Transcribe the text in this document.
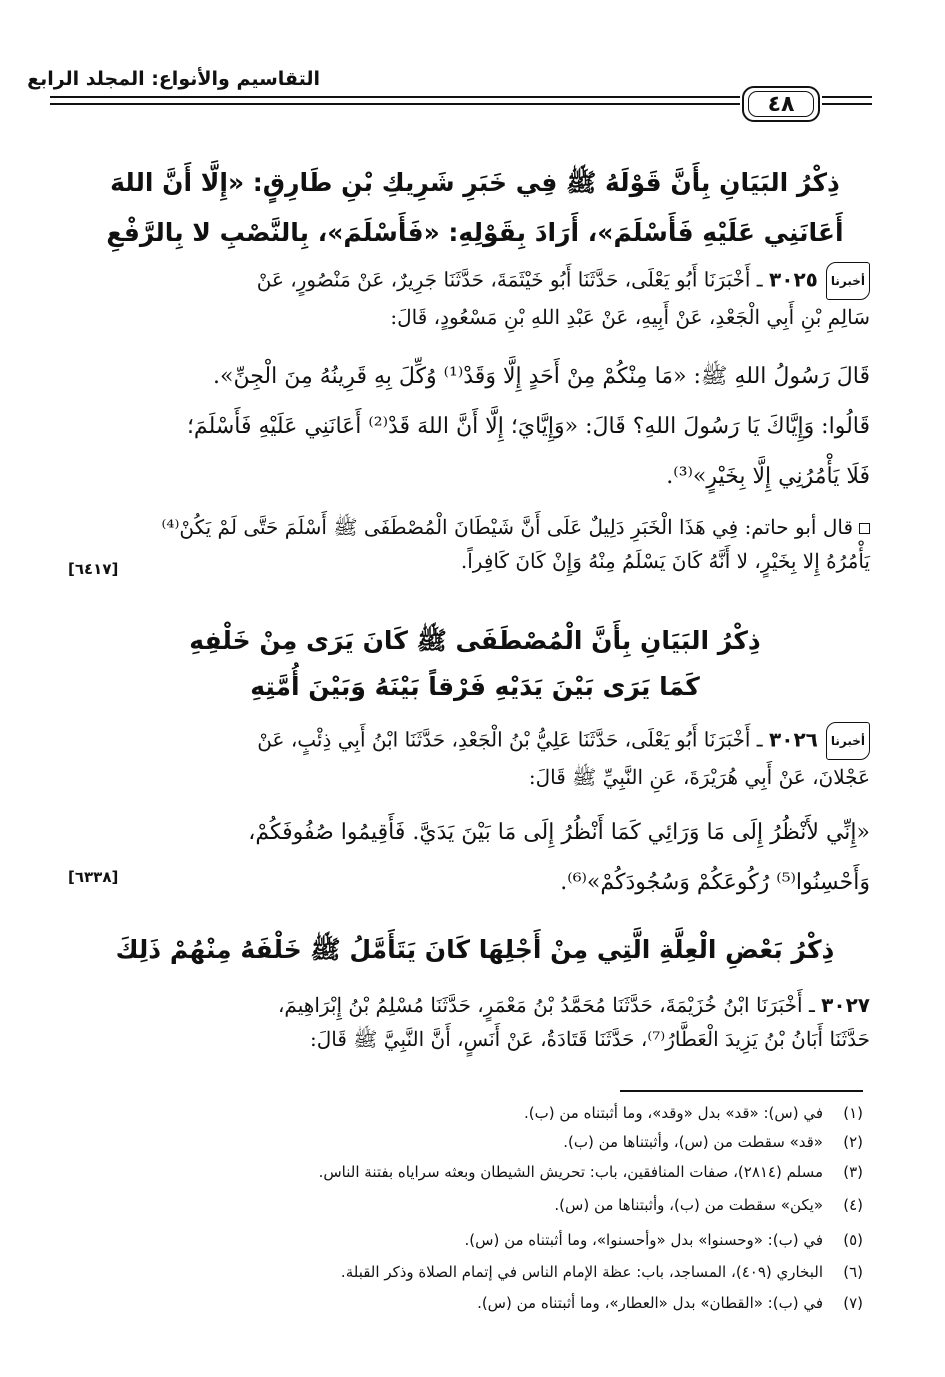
التقاسيم والأنواع: المجلد الرابع
٤٨
ذِكْرُ البَيَانِ بِأَنَّ قَوْلَهُ ﷺ فِي خَبَرِ شَرِيكِ بْنِ طَارِقٍ: «إِلَّا أَنَّ اللهَ
أَعَانَنِي عَلَيْهِ فَأَسْلَمَ»، أَرَادَ بِقَوْلِهِ: «فَأَسْلَمَ»، بِالنَّصْبِ لا بِالرَّفْعِ
أخبرنا٣٠٢٥ ـ أَخْبَرَنَا أَبُو يَعْلَى، حَدَّثَنَا أَبُو خَيْثَمَةَ، حَدَّثَنَا جَرِيرٌ، عَنْ مَنْصُورٍ، عَنْ
سَالِمِ بْنِ أَبِي الْجَعْدِ، عَنْ أَبِيهِ، عَنْ عَبْدِ اللهِ بْنِ مَسْعُودٍ، قَالَ:
قَالَ رَسُولُ اللهِ ﷺ: «مَا مِنْكُمْ مِنْ أَحَدٍ إِلَّا وَقَدْ⁽¹⁾ وُكِّلَ بِهِ قَرِينُهُ مِنَ الْجِنِّ».
قَالُوا: وَإِيَّاكَ يَا رَسُولَ اللهِ؟ قَالَ: «وَإِيَّايَ؛ إِلَّا أَنَّ اللهَ قَدْ⁽²⁾ أَعَانَنِي عَلَيْهِ فَأَسْلَمَ؛
فَلَا يَأْمُرُنِي إِلَّا بِخَيْرٍ»⁽³⁾.
قال أبو حاتم: فِي هَذَا الْخَبَرِ دَلِيلٌ عَلَى أَنَّ شَيْطَانَ الْمُصْطَفَى ﷺ أَسْلَمَ حَتَّى لَمْ يَكُنْ⁽⁴⁾
يَأْمُرُهُ إِلا بِخَيْرٍ، لا أَنَّهُ كَانَ يَسْلَمُ مِنْهُ وَإِنْ كَانَ كَافِراً.
[٦٤١٧]
ذِكْرُ البَيَانِ بِأَنَّ الْمُصْطَفَى ﷺ كَانَ يَرَى مِنْ خَلْفِهِ
كَمَا يَرَى بَيْنَ يَدَيْهِ فَرْقاً بَيْنَهُ وَبَيْنَ أُمَّتِهِ
أخبرنا٣٠٢٦ ـ أَخْبَرَنَا أَبُو يَعْلَى، حَدَّثَنَا عَلِيُّ بْنُ الْجَعْدِ، حَدَّثَنَا ابْنُ أَبِي ذِئْبٍ، عَنْ
عَجْلانَ، عَنْ أَبِي هُرَيْرَةَ، عَنِ النَّبِيِّ ﷺ قَالَ:
«إِنِّي لأَنْظُرُ إِلَى مَا وَرَائِي كَمَا أَنْظُرُ إِلَى مَا بَيْنَ يَدَيَّ. فَأَقِيمُوا صُفُوفَكُمْ،
وَأَحْسِنُوا⁽⁵⁾ رُكُوعَكُمْ وَسُجُودَكُمْ»⁽⁶⁾.
[٦٣٣٨]
ذِكْرُ بَعْضِ الْعِلَّةِ الَّتِي مِنْ أَجْلِهَا كَانَ يَتَأَمَّلُ ﷺ خَلْفَهُ مِنْهُمْ ذَلِكَ
٣٠٢٧ ـ أَخْبَرَنَا ابْنُ خُزَيْمَةَ، حَدَّثَنَا مُحَمَّدُ بْنُ مَعْمَرٍ، حَدَّثَنَا مُسْلِمُ بْنُ إِبْرَاهِيمَ،
حَدَّثَنَا أَبَانُ بْنُ يَزِيدَ الْعَطَّارُ⁽⁷⁾، حَدَّثَنَا قَتَادَةُ، عَنْ أَنَسٍ، أَنَّ النَّبِيَّ ﷺ قَالَ:
(١)في (س): «قد» بدل «وقد»، وما أثبتناه من (ب).
(٢)«قد» سقطت من (س)، وأثبتناها من (ب).
(٣)مسلم (٢٨١٤)، صفات المنافقين، باب: تحريش الشيطان وبعثه سراياه بفتنة الناس.
(٤)«يكن» سقطت من (ب)، وأثبتناها من (س).
(٥)في (ب): «وحسنوا» بدل «وأحسنوا»، وما أثبتناه من (س).
(٦)البخاري (٤٠٩)، المساجد، باب: عظة الإمام الناس في إتمام الصلاة وذكر القبلة.
(٧)في (ب): «القطان» بدل «العطار»، وما أثبتناه من (س).
